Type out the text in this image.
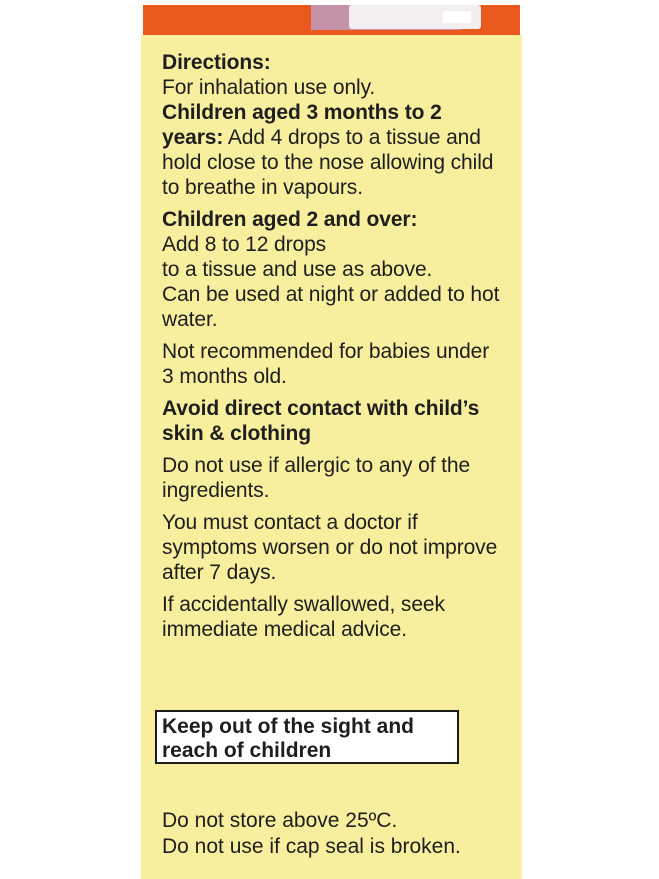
Directions:

For inhalation use only.

Children aged 3 months to 2 years: Add 4 drops to a tissue and hold close to the nose allowing child to breathe in vapours.

Children aged 2 and over:

Add 8 to 12 drops

to a tissue and use as above.

Can be used at night or added to hot water.

Not recommended for babies under 3 months old.

Avoid direct contact with child’s skin & clothing

Do not use if allergic to any of the ingredients.

You must contact a doctor if symptoms worsen or do not improve after 7 days.

If accidentally swallowed, seek immediate medical advice.

Keep out of the sight and reach of children

Do not store above 25ºC.

Do not use if cap seal is broken.
